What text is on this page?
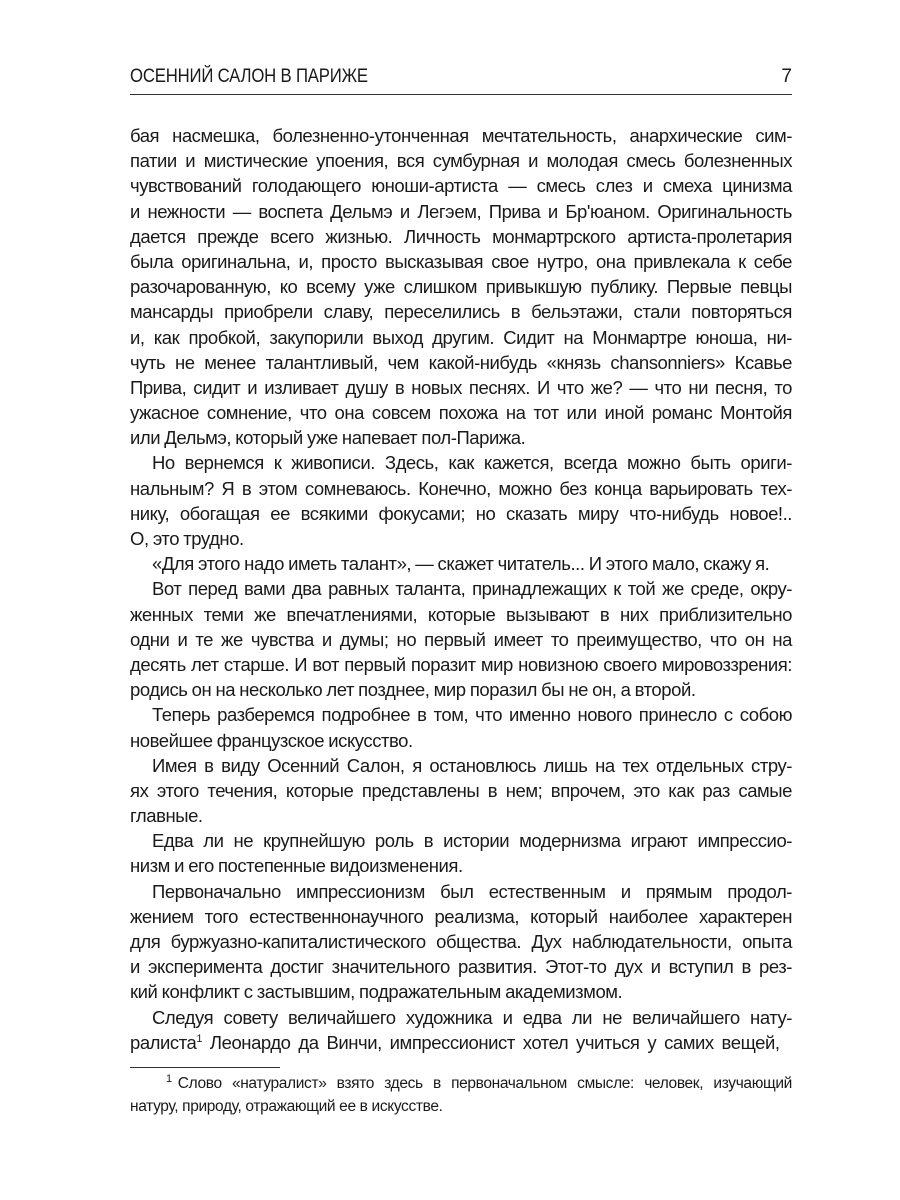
ОСЕННИЙ САЛОН В ПАРИЖЕ	7
бая насмешка, болезненно-утонченная мечтательность, анархические сим-
патии и мистические упоения, вся сумбурная и молодая смесь болезненных
чувствований голодающего юноши-артиста — смесь слез и смеха цинизма
и нежности — воспета Дельмэ и Легэем, Прива и Бр'юаном. Оригинальность
дается прежде всего жизнью. Личность монмартрского артиста-пролетария
была оригинальна, и, просто высказывая свое нутро, она привлекала к себе
разочарованную, ко всему уже слишком привыкшую публику. Первые певцы
мансарды приобрели славу, переселились в бельэтажи, стали повторяться
и, как пробкой, закупорили выход другим. Сидит на Монмартре юноша, ни-
чуть не менее талантливый, чем какой-нибудь «князь chansonniers» Ксавье
Прива, сидит и изливает душу в новых песнях. И что же? — что ни песня, то
ужасное сомнение, что она совсем похожа на тот или иной романс Монтойя
или Дельмэ, который уже напевает пол-Парижа.
Но вернемся к живописи. Здесь, как кажется, всегда можно быть ориги-
нальным? Я в этом сомневаюсь. Конечно, можно без конца варьировать тех-
нику, обогащая ее всякими фокусами; но сказать миру что-нибудь новое!..
О, это трудно.
«Для этого надо иметь талант», — скажет читатель... И этого мало, скажу я.
Вот перед вами два равных таланта, принадлежащих к той же среде, окру-
женных теми же впечатлениями, которые вызывают в них приблизительно
одни и те же чувства и думы; но первый имеет то преимущество, что он на
десять лет старше. И вот первый поразит мир новизною своего мировоззрения:
родись он на несколько лет позднее, мир поразил бы не он, а второй.
Теперь разберемся подробнее в том, что именно нового принесло с собою
новейшее французское искусство.
Имея в виду Осенний Салон, я остановлюсь лишь на тех отдельных стру-
ях этого течения, которые представлены в нем; впрочем, это как раз самые
главные.
Едва ли не крупнейшую роль в истории модернизма играют импрессио-
низм и его постепенные видоизменения.
Первоначально импрессионизм был естественным и прямым продол-
жением того естественнонаучного реализма, который наиболее характерен
для буржуазно-капиталистического общества. Дух наблюдательности, опыта
и эксперимента достиг значительного развития. Этот-то дух и вступил в рез-
кий конфликт с застывшим, подражательным академизмом.
Следуя совету величайшего художника и едва ли не величайшего нату-
ралиста$^1$ Леонардо да Винчи, импрессионист хотел учиться у самих вещей,
$^1$ Слово «натуралист» взято здесь в первоначальном смысле: человек, изучающий
натуру, природу, отражающий ее в искусстве.
